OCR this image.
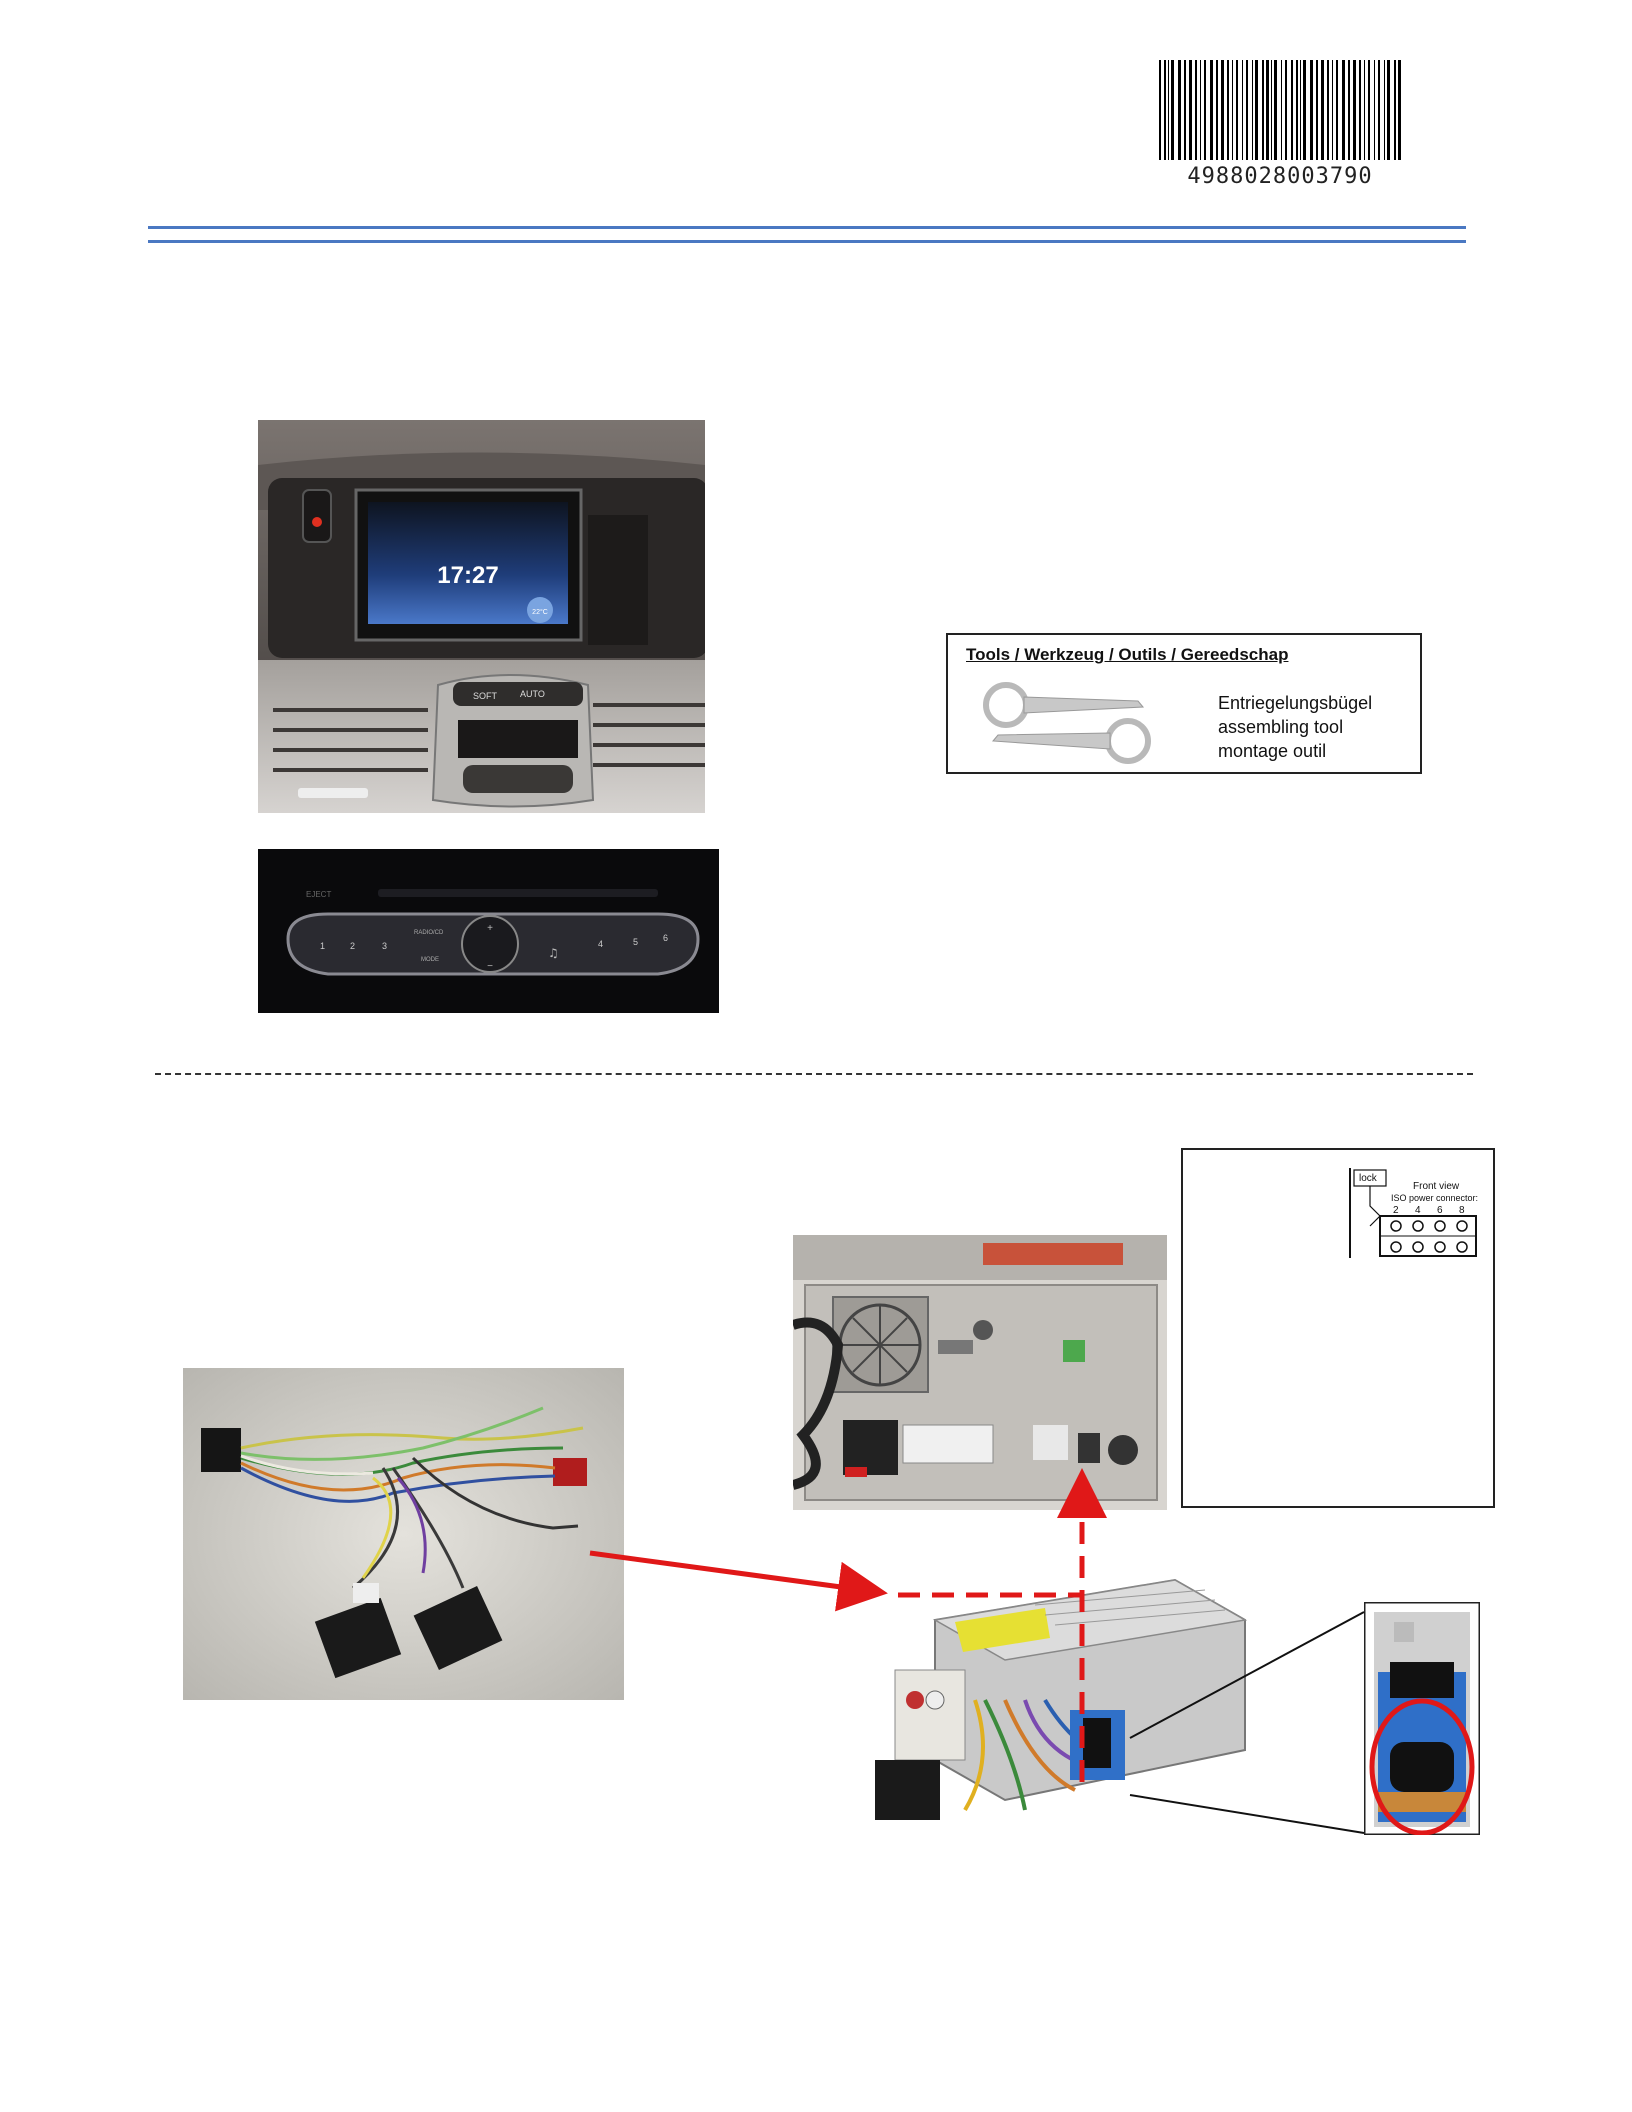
4988028003790
17:27
22°C
SOFT	AUTO
EJECT
+
−
RADIO/CD
MODE
1	2	3	4	5	6
♫
Tools / Werkzeug / Outils / Gereedschap
Entriegelungsbügel
assembling tool
montage outil
lock
Front view
ISO power connector:
2 4 6 8
